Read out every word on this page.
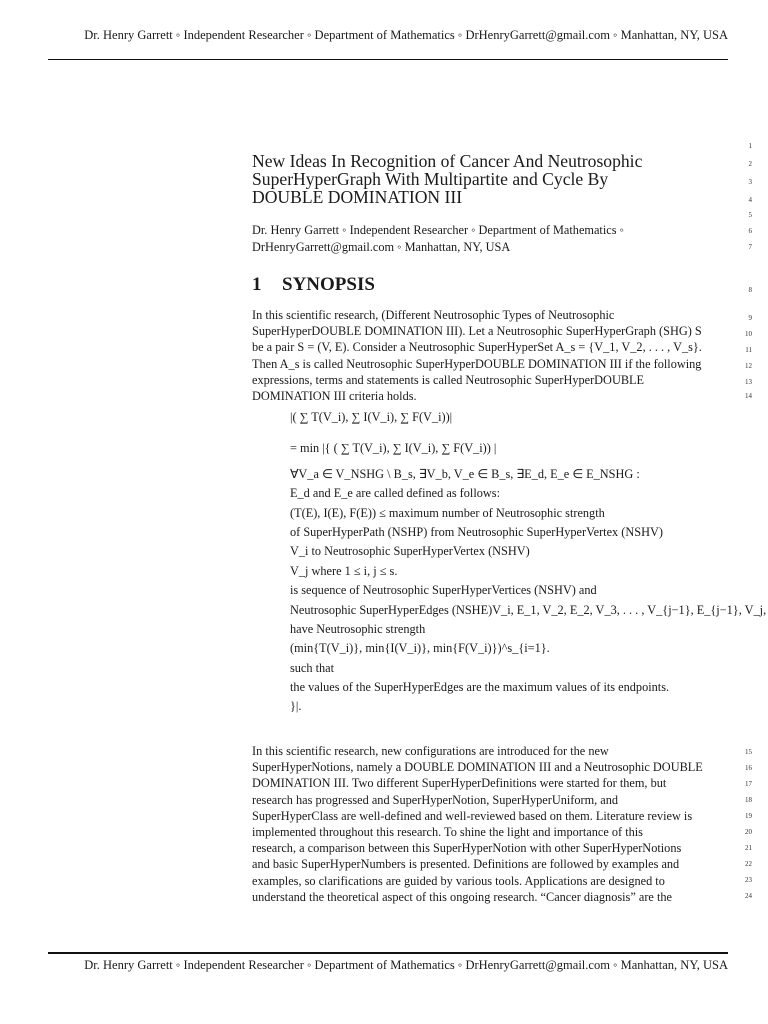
Dr. Henry Garrett ◦ Independent Researcher ◦ Department of Mathematics ◦ DrHenryGarrett@gmail.com ◦ Manhattan, NY, USA
1
2
3
4
5
6
7
8
9
10
11
12
13
14
15
16
17
18
19
20
21
22
23
24
New Ideas In Recognition of Cancer And Neutrosophic
SuperHyperGraph With Multipartite and Cycle By
DOUBLE DOMINATION III
Dr. Henry Garrett ◦ Independent Researcher ◦ Department of Mathematics ◦
DrHenryGarrett@gmail.com ◦ Manhattan, NY, USA
1 SYNOPSIS
In this scientific research, (Different Neutrosophic Types of Neutrosophic
SuperHyperDOUBLE DOMINATION III). Let a Neutrosophic SuperHyperGraph (SHG) S
be a pair S = (V, E). Consider a Neutrosophic SuperHyperSet A_s = {V_1, V_2, . . . , V_s}.
Then A_s is called Neutrosophic SuperHyperDOUBLE DOMINATION III if the following
expressions, terms and statements is called Neutrosophic SuperHyperDOUBLE
DOMINATION III criteria holds.
|( ∑ T(V_i), ∑ I(V_i), ∑ F(V_i))|
= min |{ ( ∑ T(V_i), ∑ I(V_i), ∑ F(V_i)) |
∀V_a ∈ V_NSHG \ B_s, ∃V_b, V_e ∈ B_s, ∃E_d, E_e ∈ E_NSHG :
E_d and E_e are called defined as follows:
(T(E), I(E), F(E)) ≤ maximum number of Neutrosophic strength
of SuperHyperPath (NSHP) from Neutrosophic SuperHyperVertex (NSHV)
V_i to Neutrosophic SuperHyperVertex (NSHV)
V_j where 1 ≤ i, j ≤ s.
is sequence of Neutrosophic SuperHyperVertices (NSHV) and
Neutrosophic SuperHyperEdges (NSHE)V_i, E_1, V_2, E_2, V_3, . . . , V_{j−1}, E_{j−1}, V_j,
have Neutrosophic strength
(min{T(V_i)}, min{I(V_i)}, min{F(V_i)})^s_{i=1}.
such that
the values of the SuperHyperEdges are the maximum values of its endpoints.
}|.
In this scientific research, new configurations are introduced for the new
SuperHyperNotions, namely a DOUBLE DOMINATION III and a Neutrosophic DOUBLE
DOMINATION III. Two different SuperHyperDefinitions were started for them, but
research has progressed and SuperHyperNotion, SuperHyperUniform, and
SuperHyperClass are well-defined and well-reviewed based on them. Literature review is
implemented throughout this research. To shine the light and importance of this
research, a comparison between this SuperHyperNotion with other SuperHyperNotions
and basic SuperHyperNumbers is presented. Definitions are followed by examples and
examples, so clarifications are guided by various tools. Applications are designed to
understand the theoretical aspect of this ongoing research. “Cancer diagnosis” are the
Dr. Henry Garrett ◦ Independent Researcher ◦ Department of Mathematics ◦ DrHenryGarrett@gmail.com ◦ Manhattan, NY, USA
